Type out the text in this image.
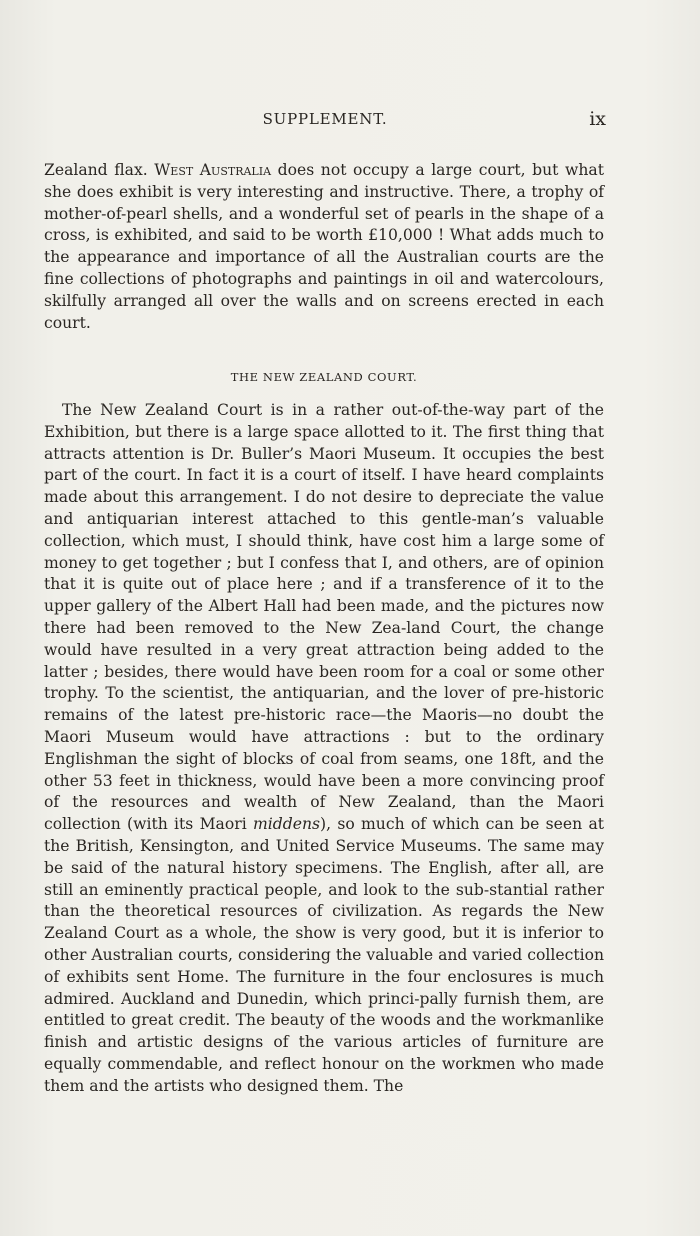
SUPPLEMENT.	ix

Zealand flax. West Australia does not occupy a large court, but what she does exhibit is very interesting and instructive. There, a trophy of mother-of-pearl shells, and a wonderful set of pearls in the shape of a cross, is exhibited, and said to be worth £10,000 ! What adds much to the appearance and importance of all the Australian courts are the fine collections of photographs and paintings in oil and watercolours, skilfully arranged all over the walls and on screens erected in each court.

THE NEW ZEALAND COURT.

The New Zealand Court is in a rather out-of-the-way part of the Exhibition, but there is a large space allotted to it. The first thing that attracts attention is Dr. Buller’s Maori Museum. It occupies the best part of the court. In fact it is a court of itself. I have heard complaints made about this arrangement. I do not desire to depreciate the value and antiquarian interest attached to this gentle-man’s valuable collection, which must, I should think, have cost him a large some of money to get together ; but I confess that I, and others, are of opinion that it is quite out of place here ; and if a transference of it to the upper gallery of the Albert Hall had been made, and the pictures now there had been removed to the New Zea-land Court, the change would have resulted in a very great attraction being added to the latter ; besides, there would have been room for a coal or some other trophy. To the scientist, the antiquarian, and the lover of pre-historic remains of the latest pre-historic race—the Maoris—no doubt the Maori Museum would have attractions : but to the ordinary Englishman the sight of blocks of coal from seams, one 18ft, and the other 53 feet in thickness, would have been a more convincing proof of the resources and wealth of New Zealand, than the Maori collection (with its Maori middens), so much of which can be seen at the British, Kensington, and United Service Museums. The same may be said of the natural history specimens. The English, after all, are still an eminently practical people, and look to the sub-stantial rather than the theoretical resources of civilization. As regards the New Zealand Court as a whole, the show is very good, but it is inferior to other Australian courts, considering the valuable and varied collection of exhibits sent Home. The furniture in the four enclosures is much admired. Auckland and Dunedin, which princi-pally furnish them, are entitled to great credit. The beauty of the woods and the workmanlike finish and artistic designs of the various articles of furniture are equally commendable, and reflect honour on the workmen who made them and the artists who designed them. The
